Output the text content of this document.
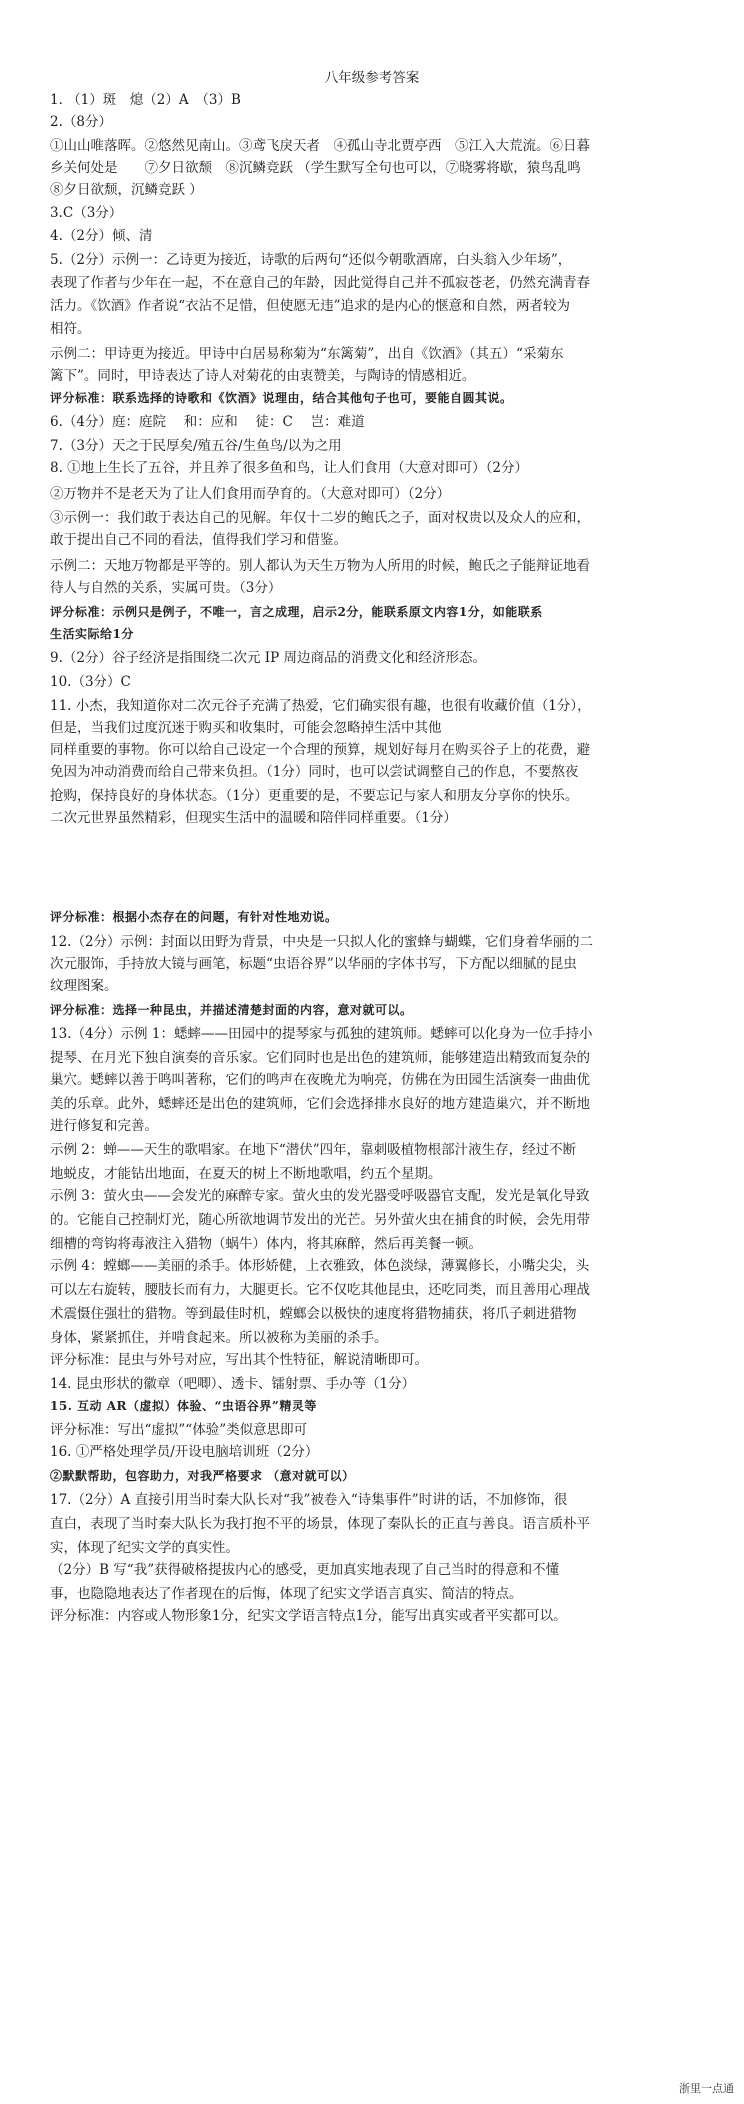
八年级参考答案
1. （1）斑　熄（2）A　（3）B
2.（8分）
①山山唯落晖。②悠然见南山。③鸢飞戾天者　④孤山寺北贾亭西　⑤江入大荒流。⑥日暮
乡关何处是　　⑦夕日欲颓　⑧沉鳞竞跃 （学生默写全句也可以，⑦晓雾将歇，猿鸟乱鸣
⑧夕日欲颓，沉鳞竞跃 ）
3.C（3分）
4.（2分）倾、清
5.（2分）示例一：乙诗更为接近，诗歌的后两句“还似今朝歌酒席，白头翁入少年场”，
表现了作者与少年在一起，不在意自己的年龄，因此觉得自己并不孤寂苍老，仍然充满青春
活力。《饮酒》作者说“衣沾不足惜，但使愿无违”追求的是内心的惬意和自然，两者较为
相符。
示例二：甲诗更为接近。甲诗中白居易称菊为“东篱菊”，出自《饮酒》（其五）“采菊东
篱下”。同时，甲诗表达了诗人对菊花的由衷赞美，与陶诗的情感相近。
评分标准：联系选择的诗歌和《饮酒》说理由，结合其他句子也可，要能自圆其说。
6.（4分）庭：庭院　 和：应和　 徒：C　 岂：难道
7.（3分）天之于民厚矣/殖五谷/生鱼鸟/以为之用
8. ①地上生长了五谷，并且养了很多鱼和鸟，让人们食用（大意对即可）（2分）
②万物并不是老天为了让人们食用而孕育的。（大意对即可）（2分）
③示例一：我们敢于表达自己的见解。年仅十二岁的鲍氏之子，面对权贵以及众人的应和，
敢于提出自己不同的看法，值得我们学习和借鉴。
示例二：天地万物都是平等的。别人都认为天生万物为人所用的时候，鲍氏之子能辩证地看
待人与自然的关系，实属可贵。（3分）
评分标准：示例只是例子，不唯一，言之成理，启示2分，能联系原文内容1分，如能联系
生活实际给1分
9.（2分）谷子经济是指围绕二次元 IP 周边商品的消费文化和经济形态。
10.（3分）C
11. 小杰，我知道你对二次元谷子充满了热爱，它们确实很有趣，也很有收藏价值（1分），
但是，当我们过度沉迷于购买和收集时，可能会忽略掉生活中其他
同样重要的事物。你可以给自己设定一个合理的预算，规划好每月在购买谷子上的花费，避
免因为冲动消费而给自己带来负担。（1分）同时，也可以尝试调整自己的作息，不要熬夜
抢购，保持良好的身体状态。（1分）更重要的是，不要忘记与家人和朋友分享你的快乐。
二次元世界虽然精彩，但现实生活中的温暖和陪伴同样重要。（1分）
评分标准：根据小杰存在的问题，有针对性地劝说。
12.（2分）示例：封面以田野为背景，中央是一只拟人化的蜜蜂与蝴蝶，它们身着华丽的二
次元服饰，手持放大镜与画笔，标题“虫语谷界”以华丽的字体书写，下方配以细腻的昆虫
纹理图案。
评分标准：选择一种昆虫，并描述清楚封面的内容，意对就可以。
13.（4分）示例 1：蟋蟀——田园中的提琴家与孤独的建筑师。蟋蟀可以化身为一位手持小
提琴、在月光下独自演奏的音乐家。它们同时也是出色的建筑师，能够建造出精致而复杂的
巢穴。蟋蟀以善于鸣叫著称，它们的鸣声在夜晚尤为响亮，仿佛在为田园生活演奏一曲曲优
美的乐章。此外，蟋蟀还是出色的建筑师，它们会选择排水良好的地方建造巢穴，并不断地
进行修复和完善。
示例 2：蝉——天生的歌唱家。在地下“潜伏”四年，靠刺吸植物根部汁液生存，经过不断
地蜕皮，才能钻出地面，在夏天的树上不断地歌唱，约五个星期。
示例 3：萤火虫——会发光的麻醉专家。萤火虫的发光器受呼吸器官支配，发光是氧化导致
的。它能自己控制灯光，随心所欲地调节发出的光芒。另外萤火虫在捕食的时候，会先用带
细槽的弯钩将毒液注入猎物（蜗牛）体内，将其麻醉，然后再美餐一顿。
示例 4：螳螂——美丽的杀手。体形娇健，上衣雅致，体色淡绿，薄翼修长，小嘴尖尖，头
可以左右旋转，腰肢长而有力，大腿更长。它不仅吃其他昆虫，还吃同类，而且善用心理战
术震慑住强壮的猎物。等到最佳时机，螳螂会以极快的速度将猎物捕获，将爪子刺进猎物
身体，紧紧抓住，并啃食起来。所以被称为美丽的杀手。
评分标准：昆虫与外号对应，写出其个性特征，解说清晰即可。
14. 昆虫形状的徽章（吧唧）、透卡、镭射票、手办等（1分）
15. 互动 AR（虚拟）体验、“虫语谷界”精灵等
评分标准：写出“虚拟”“体验”类似意思即可
16. ①严格处理学员/开设电脑培训班（2分）
②默默帮助，包容助力，对我严格要求 （意对就可以）
17.（2分）A 直接引用当时秦大队长对“我”被卷入“诗集事件”时讲的话，不加修饰，很
直白，表现了当时秦大队长为我打抱不平的场景，体现了秦队长的正直与善良。语言质朴平
实，体现了纪实文学的真实性。
（2分）B 写“我”获得破格提拔内心的感受，更加真实地表现了自己当时的得意和不懂
事，也隐隐地表达了作者现在的后悔，体现了纪实文学语言真实、简洁的特点。
评分标准：内容或人物形象1分，纪实文学语言特点1分，能写出真实或者平实都可以。
浙里一点通
